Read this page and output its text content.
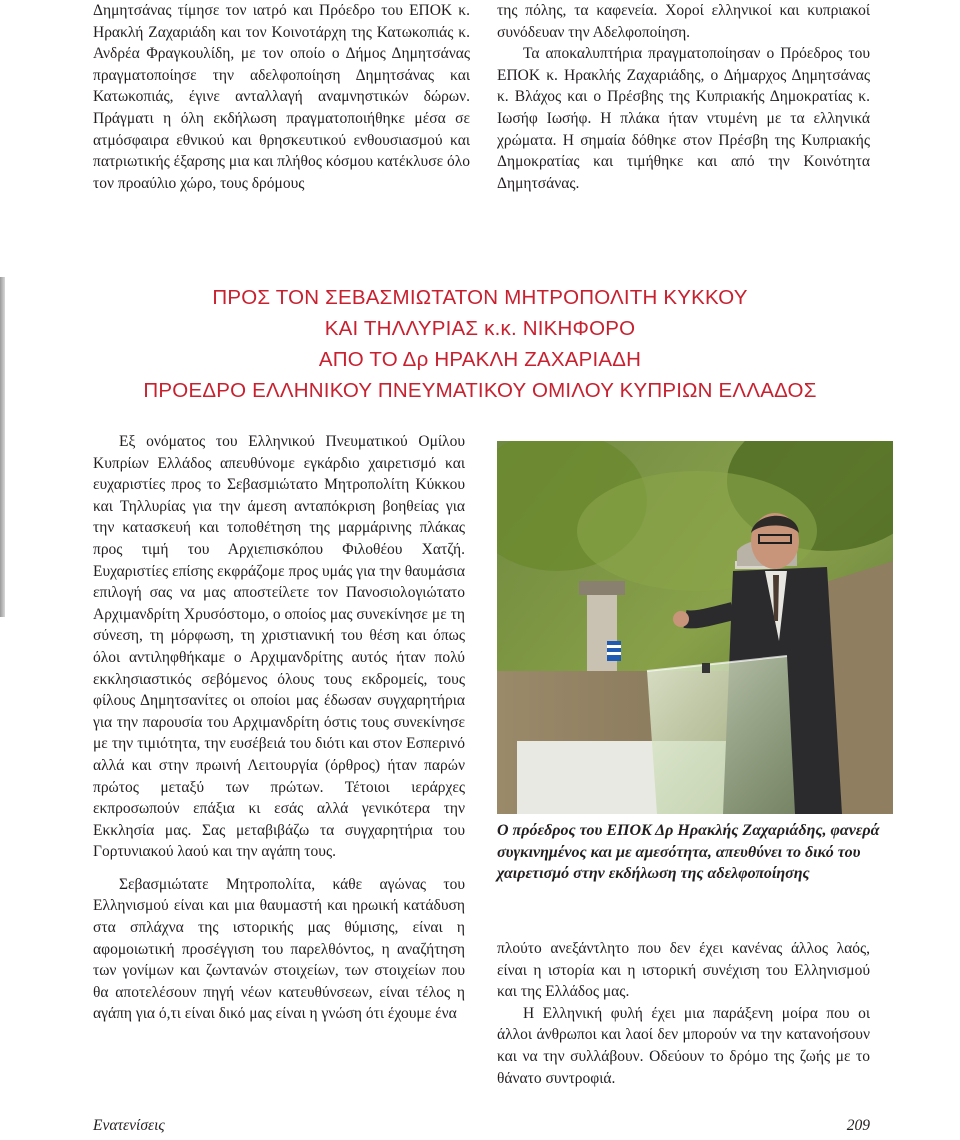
Δημητσάνας τίμησε τον ιατρό και Πρόεδρο του ΕΠΟΚ κ. Ηρακλή Ζαχαριάδη και τον Κοινοτάρχη της Κατωκοπιάς κ. Ανδρέα Φραγκουλίδη, με τον οποίο ο Δήμος Δημητσάνας πραγματοποίησε την αδελφοποίηση Δημητσάνας και Κατωκοπιάς, έγινε ανταλλαγή αναμνηστικών δώρων. Πράγματι η όλη εκδήλωση πραγματοποιήθηκε μέσα σε ατμόσφαιρα εθνικού και θρησκευτικού ενθουσιασμού και πατριωτικής έξαρσης μια και πλήθος κόσμου κατέκλυσε όλο τον προαύλιο χώρο, τους δρόμους

της πόλης, τα καφενεία. Χοροί ελληνικοί και κυπριακοί συνόδευαν την Αδελφοποίηση.

Τα αποκαλυπτήρια πραγματοποίησαν ο Πρόεδρος του ΕΠΟΚ κ. Ηρακλής Ζαχαριάδης, ο Δήμαρχος Δημητσάνας κ. Βλάχος και ο Πρέσβης της Κυπριακής Δημοκρατίας κ. Ιωσήφ Ιωσήφ. Η πλάκα ήταν ντυμένη με τα ελληνικά χρώματα. Η σημαία δόθηκε στον Πρέσβη της Κυπριακής Δημοκρατίας και τιμήθηκε και από την Κοινότητα Δημητσάνας.

ΠΡΟΣ ΤΟΝ ΣΕΒΑΣΜΙΩΤΑΤΟΝ ΜΗΤΡΟΠΟΛΙΤΗ ΚΥΚΚΟΥ
ΚΑΙ ΤΗΛΛΥΡΙΑΣ κ.κ. ΝΙΚΗΦΟΡΟ
ΑΠΟ ΤΟ Δρ ΗΡΑΚΛΗ ΖΑΧΑΡΙΑΔΗ
ΠΡΟΕΔΡΟ ΕΛΛΗΝΙΚΟΥ ΠΝΕΥΜΑΤΙΚΟΥ ΟΜΙΛΟΥ ΚΥΠΡΙΩΝ ΕΛΛΑΔΟΣ

Εξ ονόματος του Ελληνικού Πνευματικού Ομίλου Κυπρίων Ελλάδος απευθύνομε εγκάρδιο χαιρετισμό και ευχαριστίες προς το Σεβασμιώτατο Μητροπολίτη Κύκκου και Τηλλυρίας για την άμεση ανταπόκριση βοηθείας για την κατασκευή και τοποθέτηση της μαρμάρινης πλάκας προς τιμή του Αρχιεπισκόπου Φιλοθέου Χατζή. Ευχαριστίες επίσης εκφράζομε προς υμάς για την θαυμάσια επιλογή σας να μας αποστείλετε τον Πανοσιολογιώτατο Αρχιμανδρίτη Χρυσόστομο, ο οποίος μας συνεκίνησε με τη σύνεση, τη μόρφωση, τη χριστιανική του θέση και όπως όλοι αντιληφθήκαμε ο Αρχιμανδρίτης αυτός ήταν πολύ εκκλησιαστικός σεβόμενος όλους τους εκδρομείς, τους φίλους Δημητσανίτες οι οποίοι μας έδωσαν συγχαρητήρια για την παρουσία του Αρχιμανδρίτη όστις τους συνεκίνησε με την τιμιότητα, την ευσέβειά του διότι και στον Εσπερινό αλλά και στην πρωινή Λειτουργία (όρθρος) ήταν παρών πρώτος μεταξύ των πρώτων. Τέτοιοι ιεράρχες εκπροσωπούν επάξια κι εσάς αλλά γενικότερα την Εκκλησία μας. Σας μεταβιβάζω τα συγχαρητήρια του Γορτυνιακού λαού και την αγάπη τους.

Σεβασμιώτατε Μητροπολίτα, κάθε αγώνας του Ελληνισμού είναι και μια θαυμαστή και ηρωική κατάδυση στα σπλάχνα της ιστορικής μας θύμισης, είναι η αφομοιωτική προσέγγιση του παρελθόντος, η αναζήτηση των γονίμων και ζωντανών στοιχείων, των στοιχείων που θα αποτελέσουν πηγή νέων κατευθύνσεων, είναι τέλος η αγάπη για ό,τι είναι δικό μας είναι η γνώση ότι έχουμε ένα

Ο πρόεδρος του ΕΠΟΚ Δρ Ηρακλής Ζαχαριάδης, φανερά συγκινημένος και με αμεσότητα, απευθύνει το δικό του χαιρετισμό στην εκδήλωση της αδελφοποίησης

πλούτο ανεξάντλητο που δεν έχει κανένας άλλος λαός, είναι η ιστορία και η ιστορική συνέχιση του Ελληνισμού και της Ελλάδος μας.

Η Ελληνική φυλή έχει μια παράξενη μοίρα που οι άλλοι άνθρωποι και λαοί δεν μπορούν να την κατανοήσουν και να την συλλάβουν. Οδεύουν το δρόμο της ζωής με το θάνατο συντροφιά.

Ενατενίσεις	209
